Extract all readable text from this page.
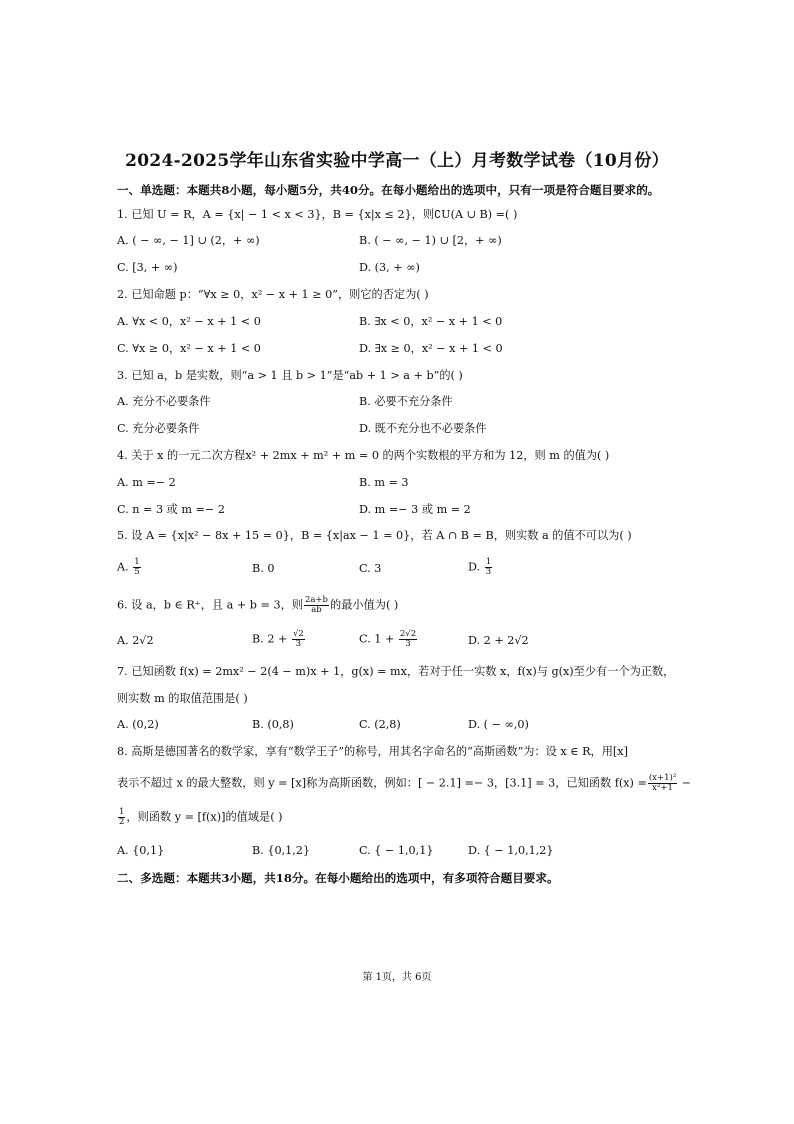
2024-2025学年山东省实验中学高一（上）月考数学试卷（10月份）
一、单选题：本题共8小题，每小题5分，共40分。在每小题给出的选项中，只有一项是符合题目要求的。
1. 已知 U = R，A = {x| − 1 < x < 3}，B = {x|x ≤ 2}，则∁U(A ∪ B) =( )
A. ( − ∞, − 1] ∪ (2，+ ∞)	B. ( − ∞, − 1) ∪ [2，+ ∞)
C. [3, + ∞)	D. (3, + ∞)
2. 已知命题 p：“∀x ≥ 0，x² − x + 1 ≥ 0”，则它的否定为( )
A. ∀x < 0，x² − x + 1 < 0	B. ∃x < 0，x² − x + 1 < 0
C. ∀x ≥ 0，x² − x + 1 < 0	D. ∃x ≥ 0，x² − x + 1 < 0
3. 已知 a，b 是实数，则“a > 1 且 b > 1”是“ab + 1 > a + b”的( )
A. 充分不必要条件	B. 必要不充分条件
C. 充分必要条件	D. 既不充分也不必要条件
4. 关于 x 的一元二次方程x² + 2mx + m² + m = 0 的两个实数根的平方和为 12，则 m 的值为( )
A. m =− 2	B. m = 3
C. n = 3 或 m =− 2	D. m =− 3 或 m = 2
5. 设 A = {x|x² − 8x + 15 = 0}，B = {x|ax − 1 = 0}，若 A ∩ B = B，则实数 a 的值不可以为( )
A. $\frac{1}{5}$	B. 0	C. 3	D. $\frac{1}{3}$
6. 设 a，b ∈ R⁺，且 a + b = 3，则 $\frac{2a+b}{ab}$ 的最小值为( )
A. 2√2	B. $2 + \frac{√2}{3}$	C. $1 + \frac{2√2}{3}$	D. 2 + 2√2
7. 已知函数 f(x) = 2mx² − 2(4 − m)x + 1，g(x) = mx，若对于任一实数 x，f(x)与 g(x)至少有一个为正数，
则实数 m 的取值范围是( )
A. (0,2)	B. (0,8)	C. (2,8)	D. ( − ∞,0)
8. 高斯是德国著名的数学家，享有“数学王子”的称号，用其名字命名的“高斯函数”为：设 x ∈ R，用[x]
表示不超过 x 的最大整数，则 y = [x]称为高斯函数，例如：[ − 2.1] =− 3，[3.1] = 3，已知函数 $f(x) = \frac{\text{(x+1)²}}{\text{x²+1}}$ −
$\frac{1}{2}$ ，则函数 y = [f(x)]的值域是( )
A. {0,1}	B. {0,1,2}	C. { − 1,0,1}	D. { − 1,0,1,2}
二、多选题：本题共3小题，共18分。在每小题给出的选项中，有多项符合题目要求。
第 1页，共 6页
